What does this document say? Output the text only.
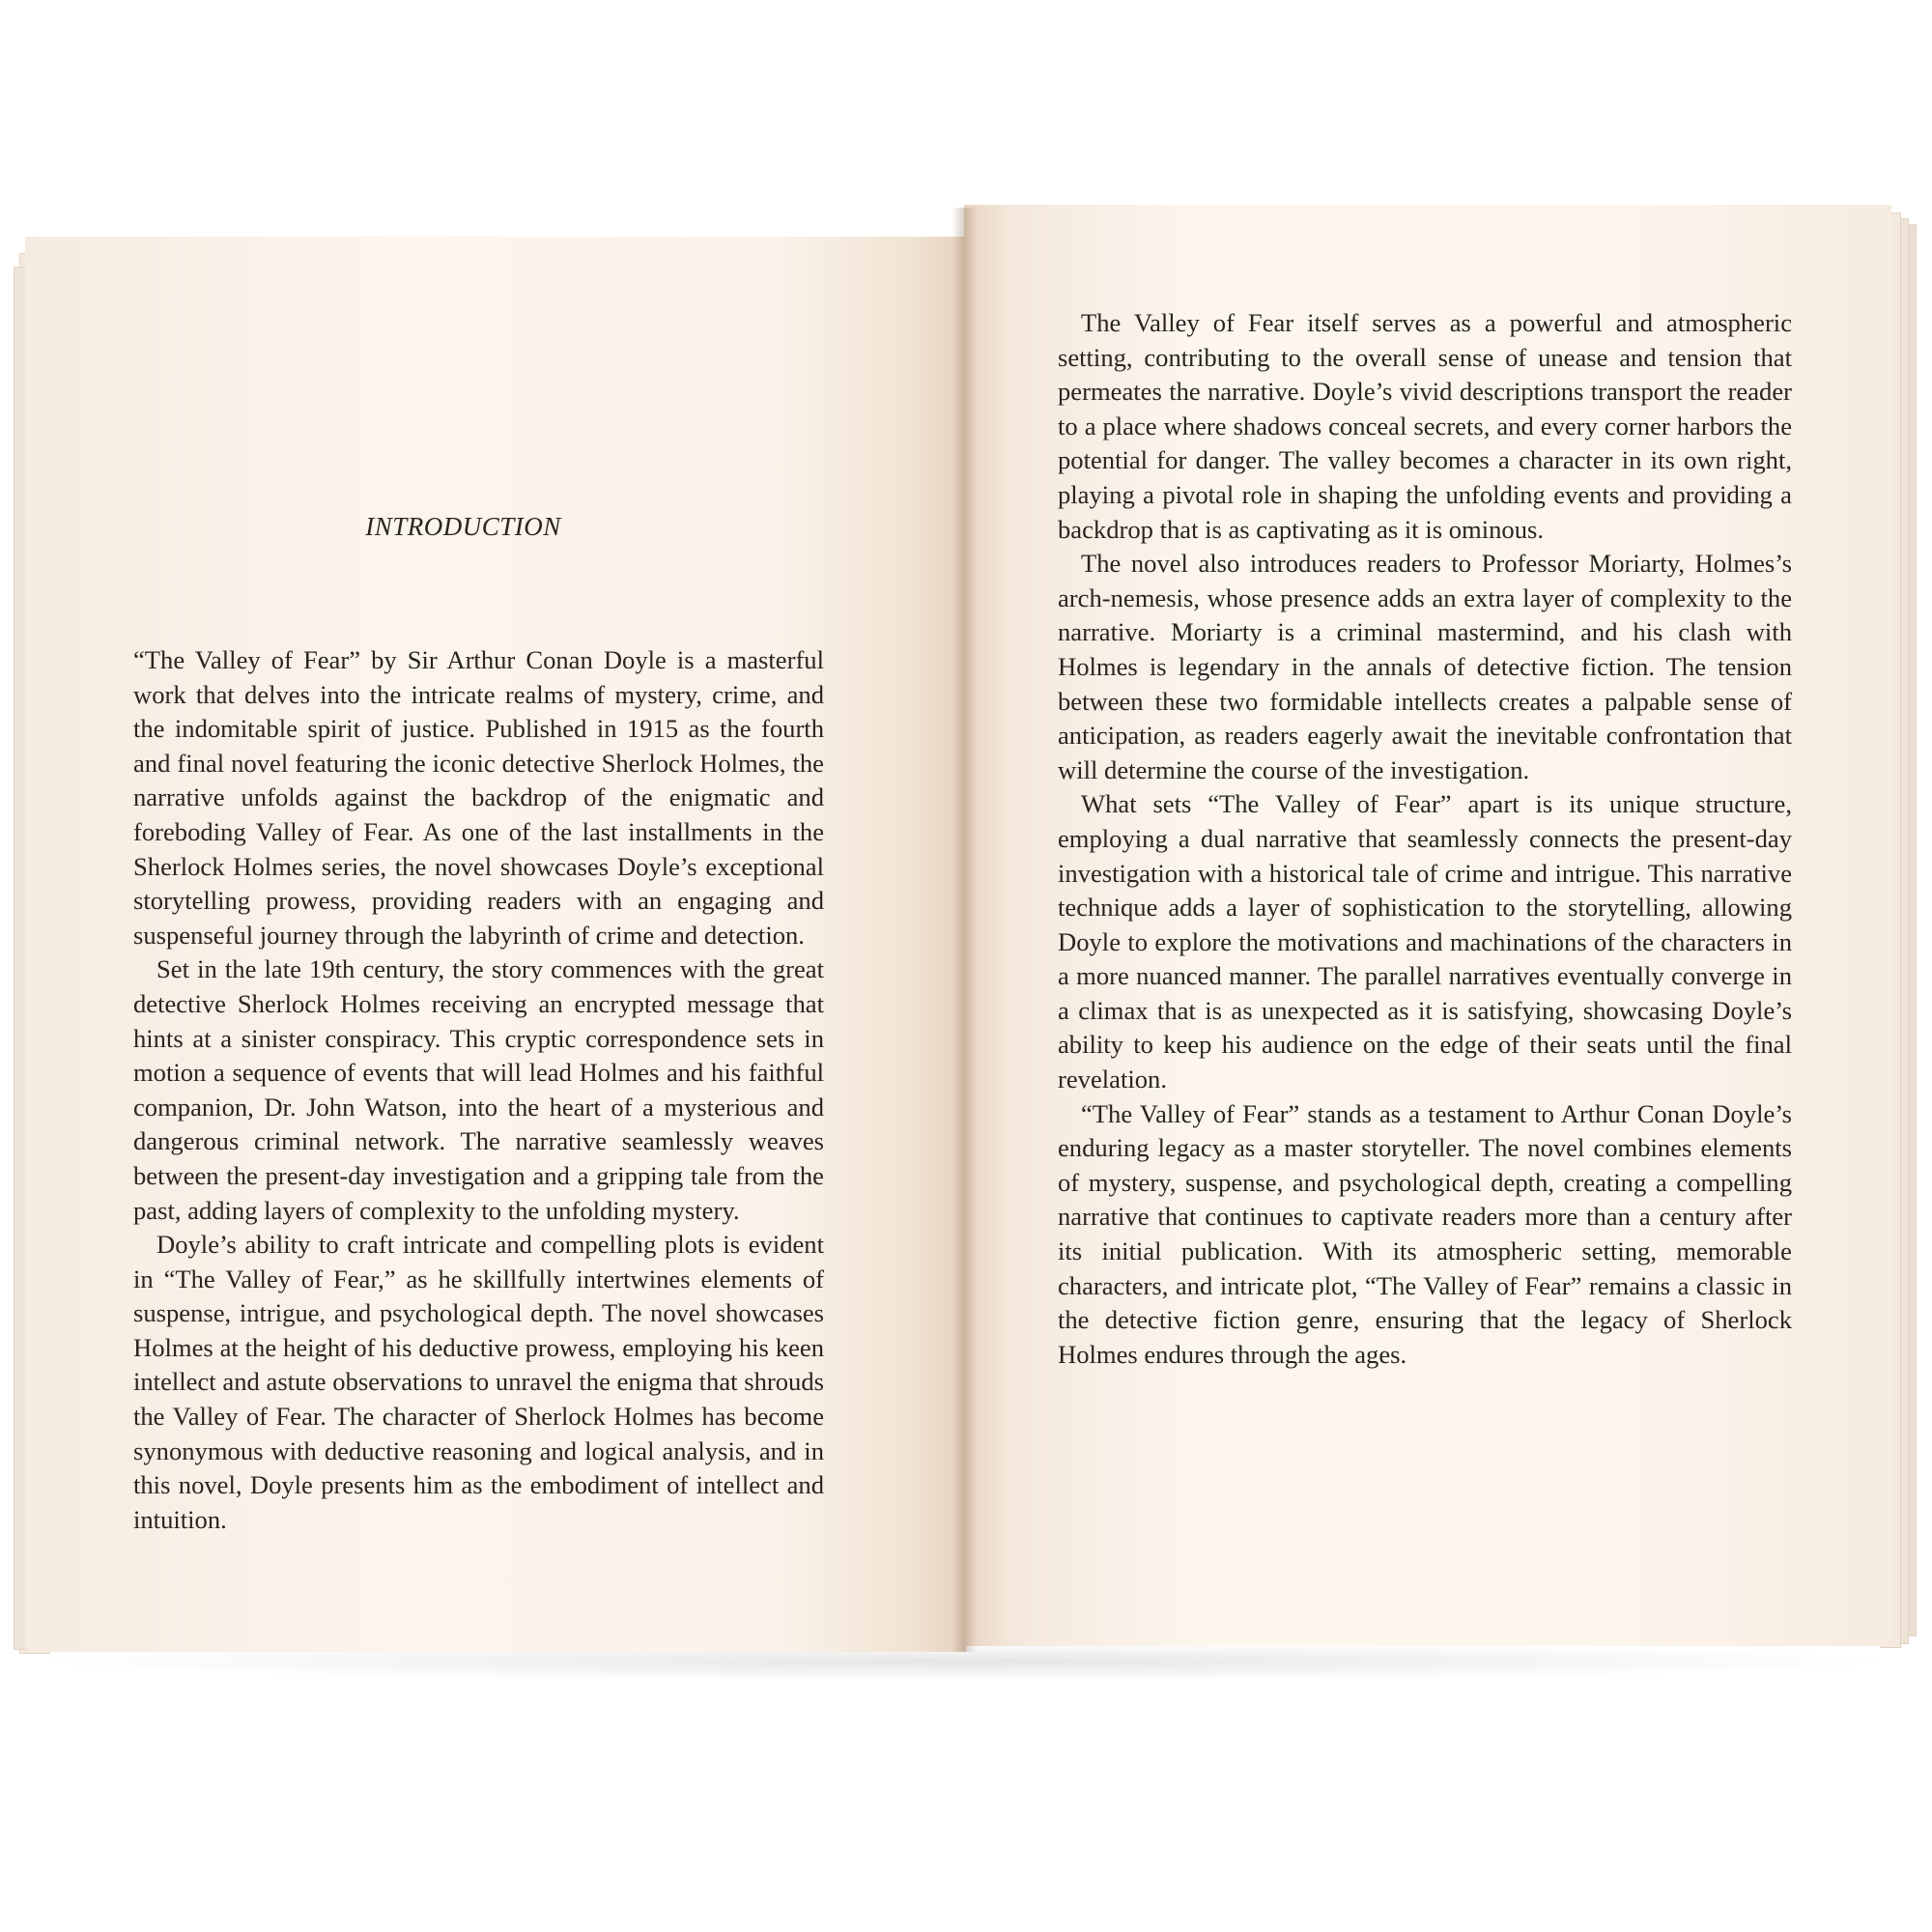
INTRODUCTION

“The Valley of Fear” by Sir Arthur Conan Doyle is a masterful work that delves into the intricate realms of mystery, crime, and the indomitable spirit of justice. Published in 1915 as the fourth and final novel featuring the iconic detective Sherlock Holmes, the narrative unfolds against the backdrop of the enigmatic and foreboding Valley of Fear. As one of the last installments in the Sherlock Holmes series, the novel showcases Doyle’s exceptional storytelling prowess, providing readers with an engaging and suspenseful journey through the labyrinth of crime and detection.

Set in the late 19th century, the story commences with the great detective Sherlock Holmes receiving an encrypted message that hints at a sinister conspiracy. This cryptic correspondence sets in motion a sequence of events that will lead Holmes and his faithful companion, Dr. John Watson, into the heart of a mysterious and dangerous criminal network. The narrative seamlessly weaves between the present-day investigation and a gripping tale from the past, adding layers of complexity to the unfolding mystery.

Doyle’s ability to craft intricate and compelling plots is evident in “The Valley of Fear,” as he skillfully intertwines elements of suspense, intrigue, and psychological depth. The novel showcases Holmes at the height of his deductive prowess, employing his keen intellect and astute observations to unravel the enigma that shrouds the Valley of Fear. The character of Sherlock Holmes has become synonymous with deductive reasoning and logical analysis, and in this novel, Doyle presents him as the embodiment of intellect and intuition.

The Valley of Fear itself serves as a powerful and atmospheric setting, contributing to the overall sense of unease and tension that permeates the narrative. Doyle’s vivid descriptions transport the reader to a place where shadows conceal secrets, and every corner harbors the potential for danger. The valley becomes a character in its own right, playing a pivotal role in shaping the unfolding events and providing a backdrop that is as captivating as it is ominous.

The novel also introduces readers to Professor Moriarty, Holmes’s arch-nemesis, whose presence adds an extra layer of complexity to the narrative. Moriarty is a criminal mastermind, and his clash with Holmes is legendary in the annals of detective fiction. The tension between these two formidable intellects creates a palpable sense of anticipation, as readers eagerly await the inevitable confrontation that will determine the course of the investigation.

What sets “The Valley of Fear” apart is its unique structure, employing a dual narrative that seamlessly connects the present-day investigation with a historical tale of crime and intrigue. This narrative technique adds a layer of sophistication to the storytelling, allowing Doyle to explore the motivations and machinations of the characters in a more nuanced manner. The parallel narratives eventually converge in a climax that is as unexpected as it is satisfying, showcasing Doyle’s ability to keep his audience on the edge of their seats until the final revelation.

“The Valley of Fear” stands as a testament to Arthur Conan Doyle’s enduring legacy as a master storyteller. The novel combines elements of mystery, suspense, and psychological depth, creating a compelling narrative that continues to captivate readers more than a century after its initial publication. With its atmospheric setting, memorable characters, and intricate plot, “The Valley of Fear” remains a classic in the detective fiction genre, ensuring that the legacy of Sherlock Holmes endures through the ages.
